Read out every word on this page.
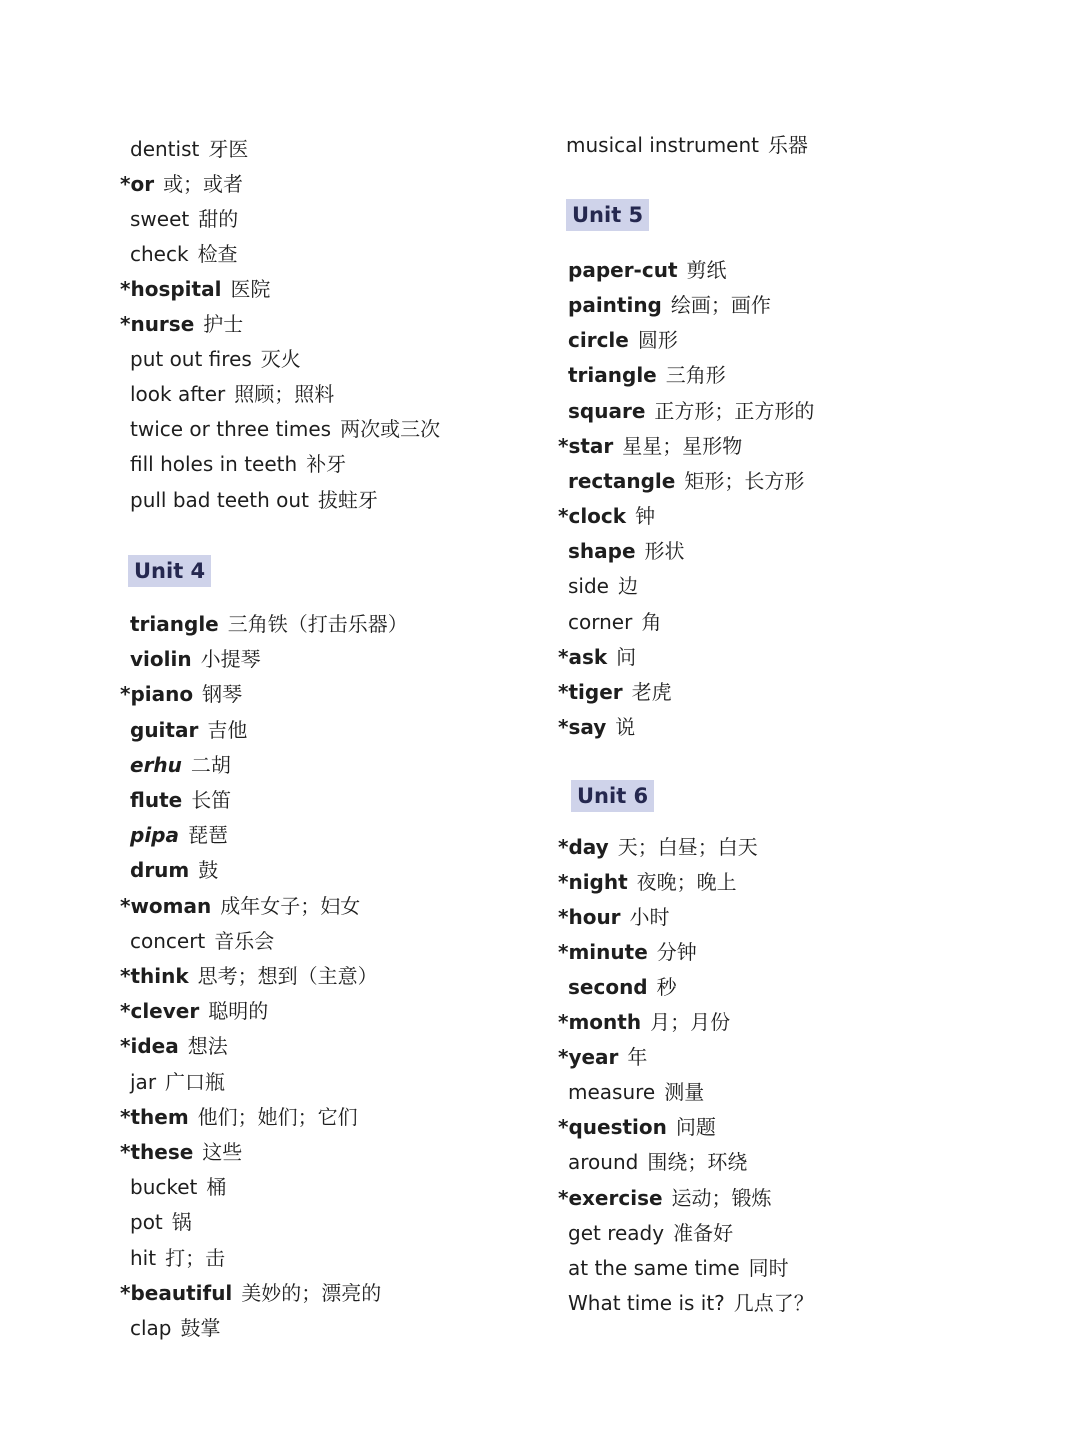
dentist 牙医
*or 或；或者
sweet 甜的
check 检查
*hospital 医院
*nurse 护士
put out fires 灭火
look after 照顾；照料
twice or three times 两次或三次
fill holes in teeth 补牙
pull bad teeth out 拔蛀牙
Unit 4
triangle 三角铁（打击乐器）
violin 小提琴
*piano 钢琴
guitar 吉他
erhu 二胡
flute 长笛
pipa 琵琶
drum 鼓
*woman 成年女子；妇女
concert 音乐会
*think 思考；想到（主意）
*clever 聪明的
*idea 想法
jar 广口瓶
*them 他们；她们；它们
*these 这些
bucket 桶
pot 锅
hit 打；击
*beautiful 美妙的；漂亮的
clap 鼓掌
musical instrument 乐器
Unit 5
paper-cut 剪纸
painting 绘画；画作
circle 圆形
triangle 三角形
square 正方形；正方形的
*star 星星；星形物
rectangle 矩形；长方形
*clock 钟
shape 形状
side 边
corner 角
*ask 问
*tiger 老虎
*say 说
Unit 6
*day 天；白昼；白天
*night 夜晚；晚上
*hour 小时
*minute 分钟
second 秒
*month 月；月份
*year 年
measure 测量
*question 问题
around 围绕；环绕
*exercise 运动；锻炼
get ready 准备好
at the same time 同时
What time is it? 几点了？
